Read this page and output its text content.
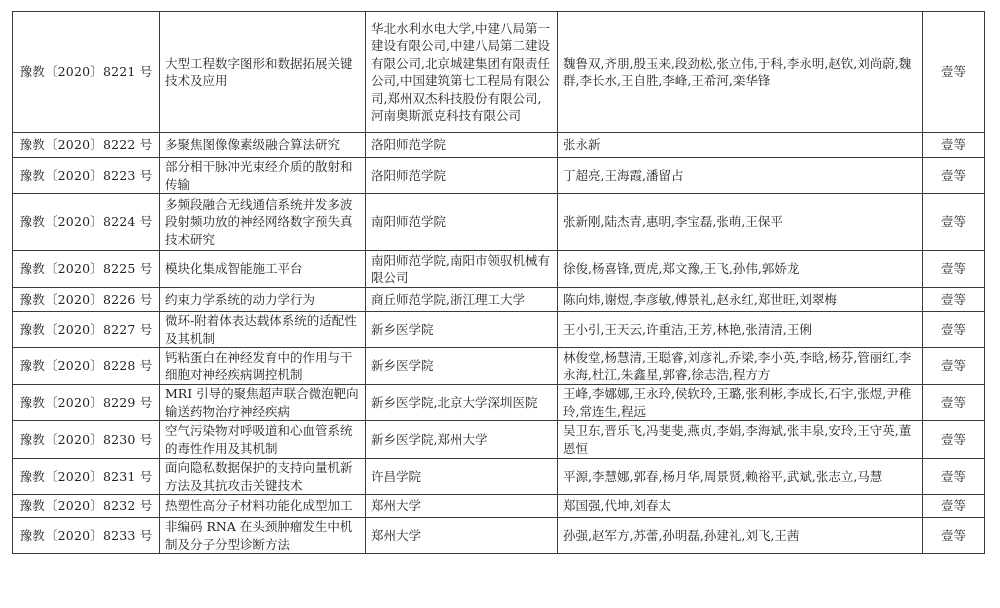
豫教〔2020〕8221 号	大型工程数字图形和数据拓展关键技术及应用	华北水利水电大学,中建八局第一建设有限公司,中建八局第二建设有限公司,北京城建集团有限责任公司,中国建筑第七工程局有限公司,郑州双杰科技股份有限公司,河南奥斯派克科技有限公司	魏鲁双,齐朋,殷玉来,段劲松,张立伟,于科,李永明,赵钦,刘尚蔚,魏群,李长水,王自胜,李峰,王希河,栾华锋	壹等
豫教〔2020〕8222 号	多聚焦图像像素级融合算法研究	洛阳师范学院	张永新	壹等
豫教〔2020〕8223 号	部分相干脉冲光束经介质的散射和传输	洛阳师范学院	丁超亮,王海霞,潘留占	壹等
豫教〔2020〕8224 号	多频段融合无线通信系统并发多波段射频功放的神经网络数字预失真技术研究	南阳师范学院	张新刚,陆杰青,惠明,李宝磊,张萌,王保平	壹等
豫教〔2020〕8225 号	模块化集成智能施工平台	南阳师范学院,南阳市领驭机械有限公司	徐俊,杨喜锋,贾虎,郑文豫,王飞,孙伟,郭娇龙	壹等
豫教〔2020〕8226 号	约束力学系统的动力学行为	商丘师范学院,浙江理工大学	陈向炜,谢煜,李彦敏,傅景礼,赵永红,郑世旺,刘翠梅	壹等
豫教〔2020〕8227 号	微环-附着体表达载体系统的适配性及其机制	新乡医学院	王小引,王天云,许重洁,王芳,林艳,张清清,王俐	壹等
豫教〔2020〕8228 号	钙粘蛋白在神经发育中的作用与干细胞对神经疾病调控机制	新乡医学院	林俊堂,杨慧清,王聪睿,刘彦礼,乔梁,李小英,李晗,杨芬,管丽红,李永海,杜江,朱鑫星,郭睿,徐志浩,程方方	壹等
豫教〔2020〕8229 号	MRI 引导的聚焦超声联合微泡靶向输送药物治疗神经疾病	新乡医学院,北京大学深圳医院	王峰,李娜娜,王永玲,侯软玲,王璐,张利彬,李成长,石宇,张煜,尹稚玲,常连生,程远	壹等
豫教〔2020〕8230 号	空气污染物对呼吸道和心血管系统的毒性作用及其机制	新乡医学院,郑州大学	吴卫东,晋乐飞,冯斐斐,燕贞,李娟,李海斌,张丰泉,安玲,王守英,董恩恒	壹等
豫教〔2020〕8231 号	面向隐私数据保护的支持向量机新方法及其抗攻击关键技术	许昌学院	平源,李慧娜,郭春,杨月华,周景贤,赖裕平,武斌,张志立,马慧	壹等
豫教〔2020〕8232 号	热塑性高分子材料功能化成型加工	郑州大学	郑国强,代坤,刘春太	壹等
豫教〔2020〕8233 号	非编码 RNA 在头颈肿瘤发生中机制及分子分型诊断方法	郑州大学	孙强,赵军方,苏蕾,孙明磊,孙建礼,刘飞,王茜	壹等
